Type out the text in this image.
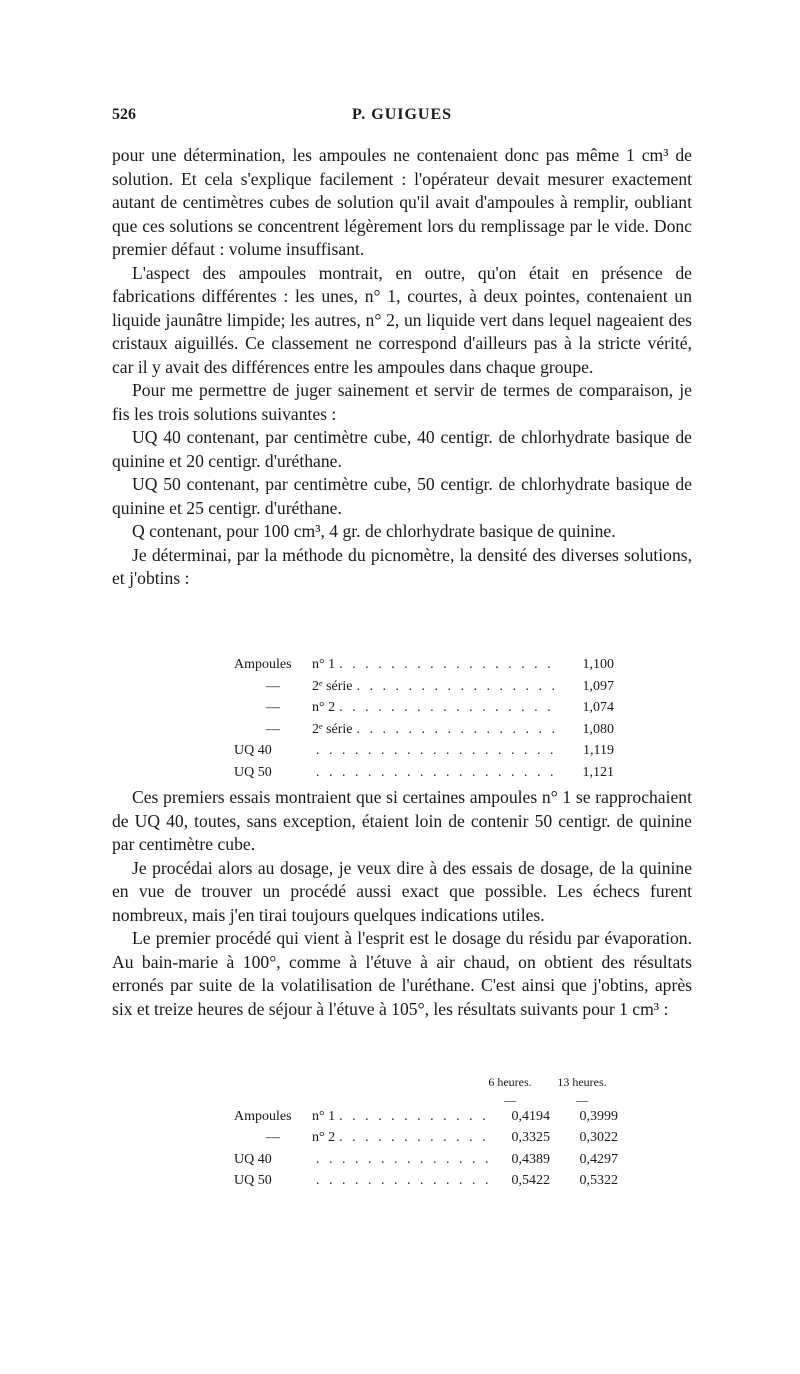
526	P. GUIGUES

pour une détermination, les ampoules ne contenaient donc pas même 1 cm³ de solution. Et cela s'explique facilement : l'opérateur devait mesurer exactement autant de centimètres cubes de solution qu'il avait d'ampoules à remplir, oubliant que ces solutions se concentrent légèrement lors du remplissage par le vide. Donc premier défaut : volume insuffisant.

L'aspect des ampoules montrait, en outre, qu'on était en présence de fabrications différentes : les unes, n° 1, courtes, à deux pointes, contenaient un liquide jaunâtre limpide; les autres, n° 2, un liquide vert dans lequel nageaient des cristaux aiguillés. Ce classement ne correspond d'ailleurs pas à la stricte vérité, car il y avait des différences entre les ampoules dans chaque groupe.

Pour me permettre de juger sainement et servir de termes de comparaison, je fis les trois solutions suivantes :

UQ 40 contenant, par centimètre cube, 40 centigr. de chlorhydrate basique de quinine et 20 centigr. d'uréthane.

UQ 50 contenant, par centimètre cube, 50 centigr. de chlorhydrate basique de quinine et 25 centigr. d'uréthane.

Q contenant, pour 100 cm³, 4 gr. de chlorhydrate basique de quinine.

Je déterminai, par la méthode du picnomètre, la densité des diverses solutions, et j'obtins :

Ampoules	n° 1 . . .	1,100
—	2ᵉ série . . .	1,097
—	n° 2 . . .	1,074
—	2ᵉ série . . .	1,080
UQ 40 . . .	1,119
UQ 50 . . .	1,121

Ces premiers essais montraient que si certaines ampoules n° 1 se rapprochaient de UQ 40, toutes, sans exception, étaient loin de contenir 50 centigr. de quinine par centimètre cube.

Je procédai alors au dosage, je veux dire à des essais de dosage, de la quinine en vue de trouver un procédé aussi exact que possible. Les échecs furent nombreux, mais j'en tirai toujours quelques indications utiles.

Le premier procédé qui vient à l'esprit est le dosage du résidu par évaporation. Au bain-marie à 100°, comme à l'étuve à air chaud, on obtient des résultats erronés par suite de la volatilisation de l'uréthane. C'est ainsi que j'obtins, après six et treize heures de séjour à l'étuve à 105°, les résultats suivants pour 1 cm³ :

6 heures.	13 heures.
—	—
Ampoules	n° 1 . . .	0,4194	0,3999
—	n° 2 . . .	0,3325	0,3022
UQ 40 . . .	0,4389	0,4297
UQ 50 . . .	0,5422	0,5322
